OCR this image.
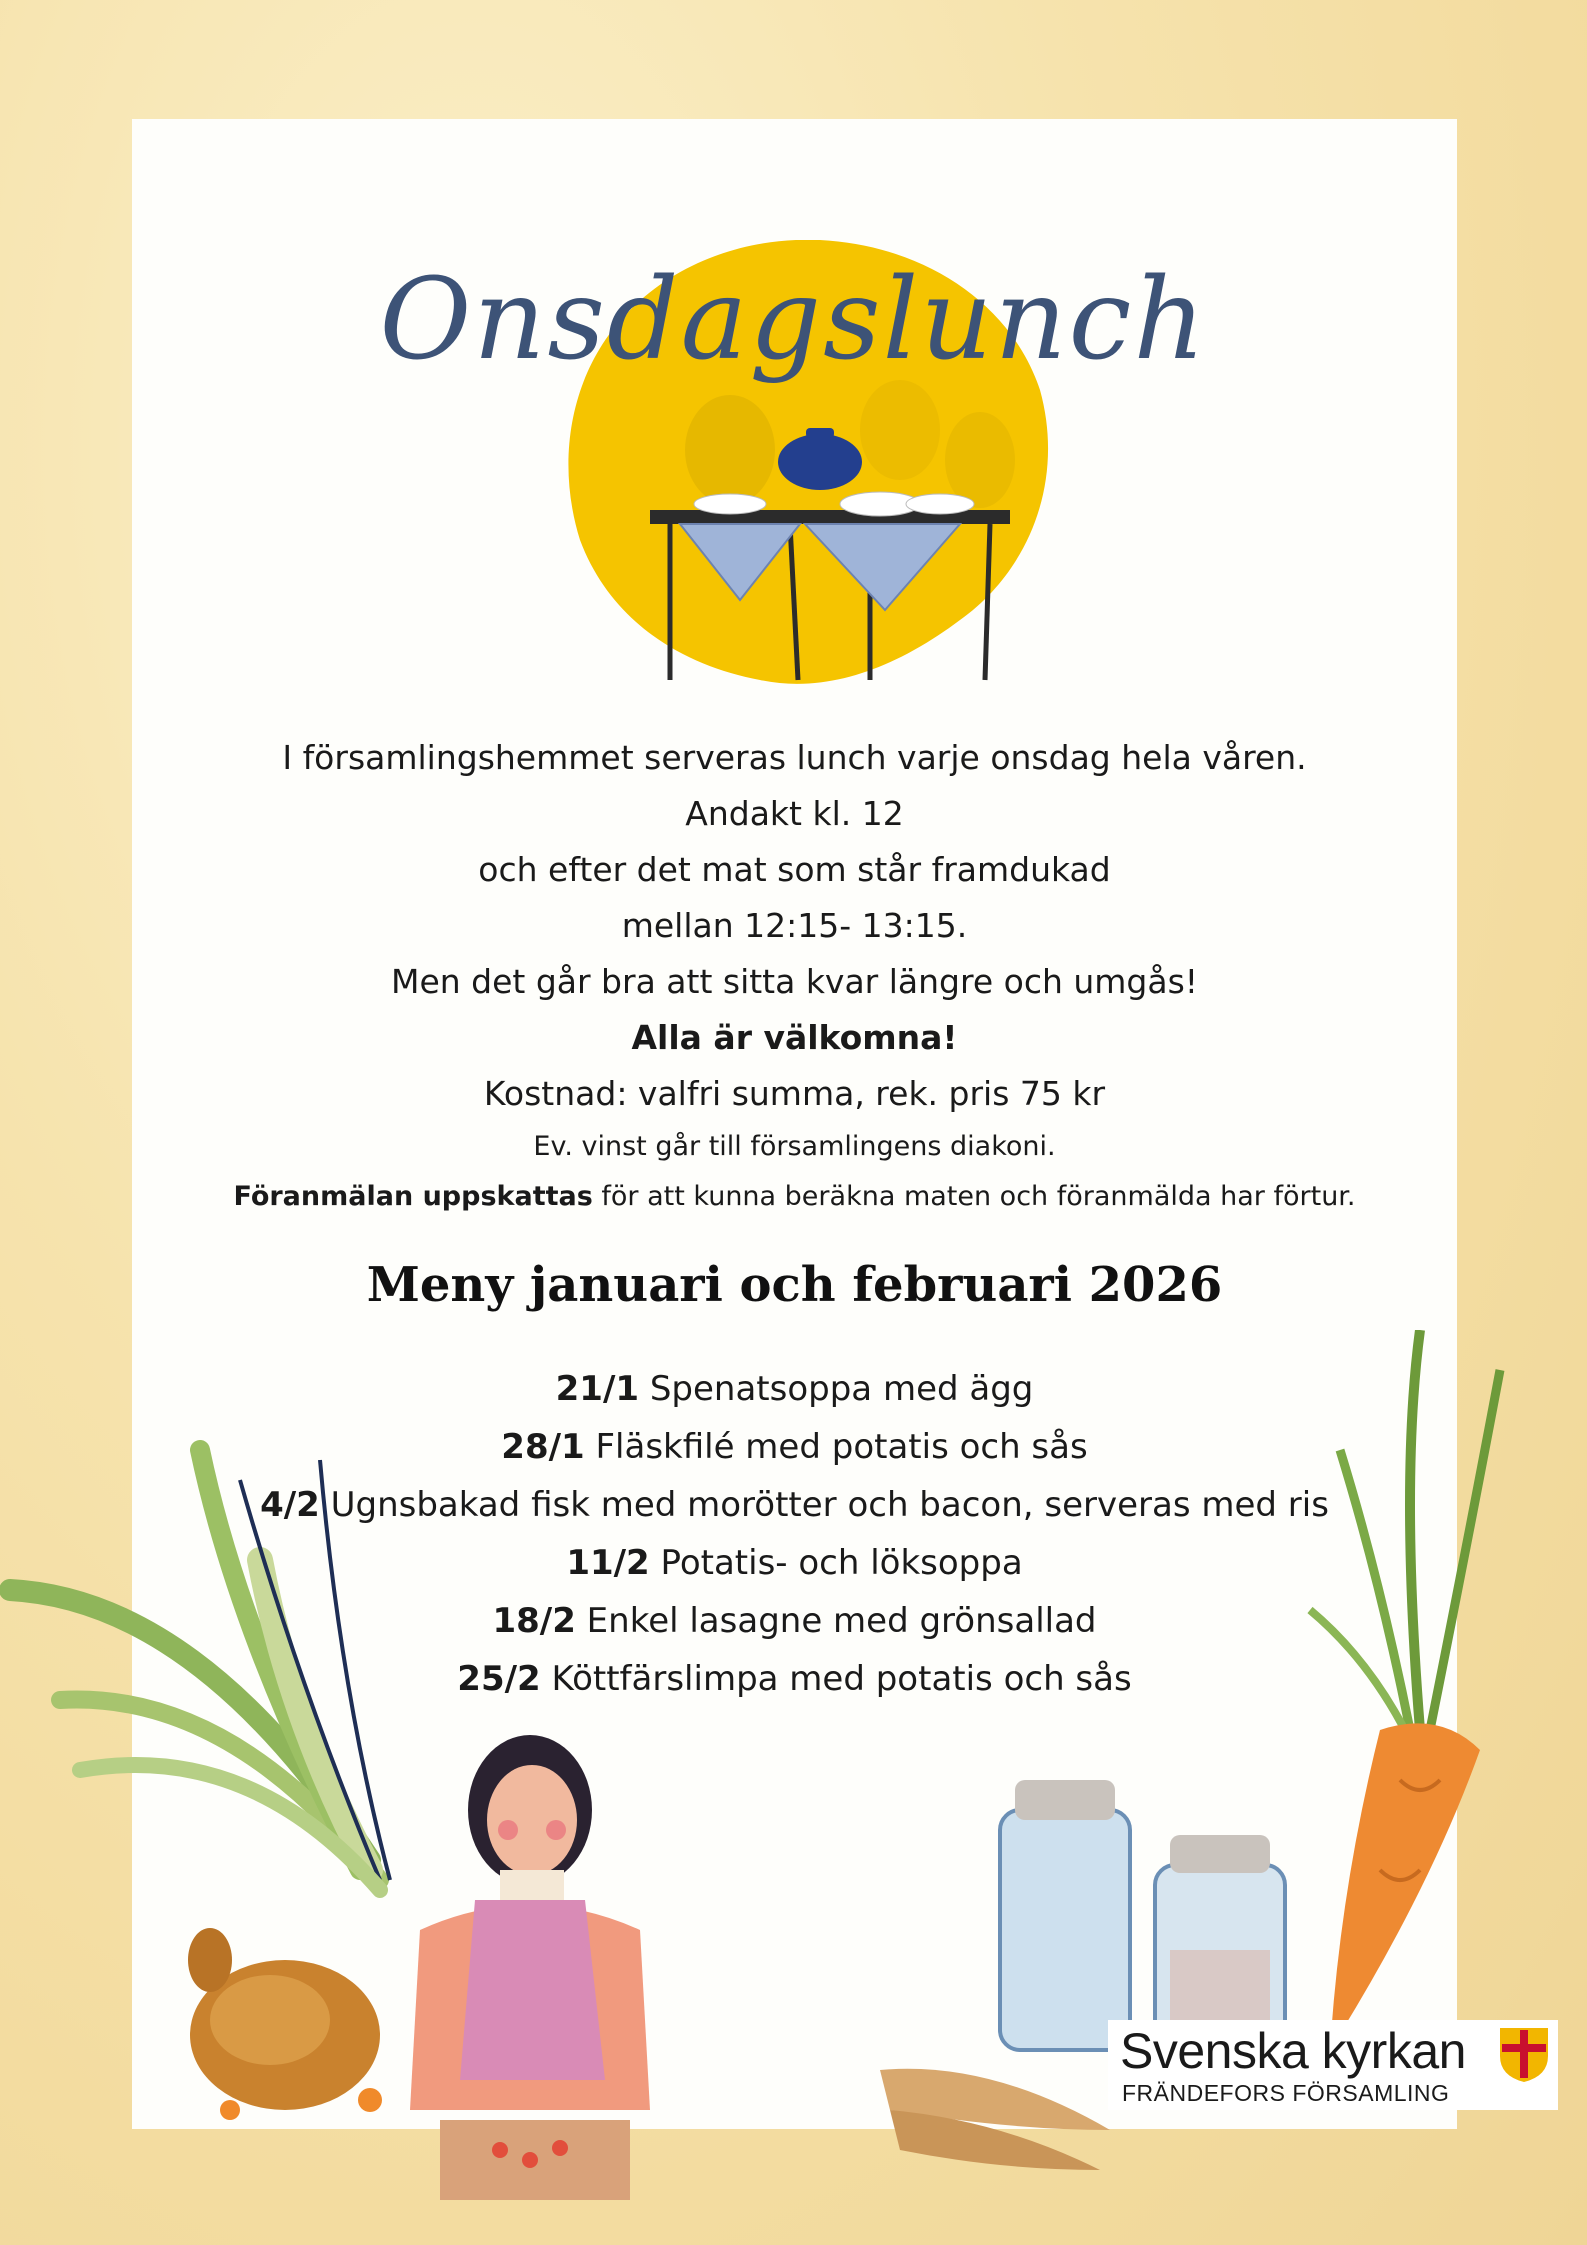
Onsdagslunch
I församlingshemmet serveras lunch varje onsdag hela våren.
Andakt kl. 12
och efter det mat som står framdukad
mellan 12:15- 13:15.
Men det går bra att sitta kvar längre och umgås!
Alla är välkomna!
Kostnad: valfri summa, rek. pris 75 kr
Ev. vinst går till församlingens diakoni.
Föranmälan uppskattas för att kunna beräkna maten och föranmälda har förtur.
Meny januari och februari 2026
21/1 Spenatsoppa med ägg
28/1 Fläskfilé med potatis och sås
4/2 Ugnsbakad fisk med morötter och bacon, serveras med ris
11/2 Potatis- och löksoppa
18/2 Enkel lasagne med grönsallad
25/2 Köttfärslimpa med potatis och sås
Svenska kyrkan
FRÄNDEFORS FÖRSAMLING
